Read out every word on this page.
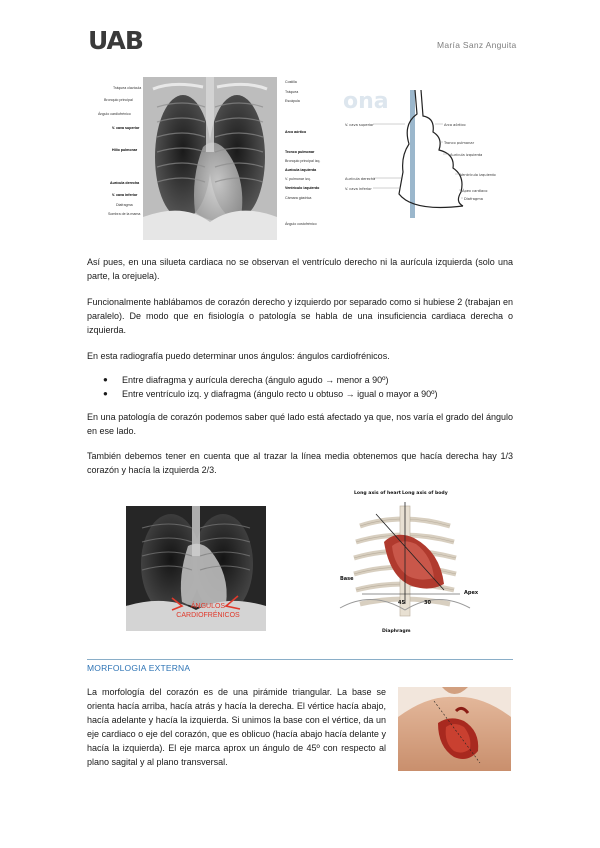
UAB	María Sanz Anguita
Tráquea clavícula
Bronquio principal
Ángulo cardiofrénico
V. cava superior
Hilio pulmonar
Aurícula derecha
V. cava inferior
Diafragma
Sombra de la mama
Costilla
Tráquea
Escápula
Arco aórtico
Tronco pulmonar
Bronquio principal izq.
Aurícula izquierda
V. pulmonar izq.
Ventrículo izquierdo
Cámara gástrica
Ángulo costofrénico
ona
V. cava superior	Arco aórtico
Tronco pulmonar
Aurícula izquierda
Aurícula derecha
Ventrículo izquierdo
V. cava inferior	Ápex cardíaco
Diafragma

Así pues, en una silueta cardiaca no se observan el ventrículo derecho ni la aurícula izquierda (solo una parte, la orejuela).

Funcionalmente hablábamos de corazón derecho y izquierdo por separado como si hubiese 2 (trabajan en paralelo). De modo que en fisiología o patología se habla de una insuficiencia cardiaca derecha o izquierda.

En esta radiografía puedo determinar unos ángulos: ángulos cardiofrénicos.

● Entre diafragma y aurícula derecha (ángulo agudo → menor a 90º)
● Entre ventrículo izq. y diafragma (ángulo recto u obtuso → igual o mayor a 90º)

En una patología de corazón podemos saber qué lado está afectado ya que, nos varía el grado del ángulo en ese lado.

También debemos tener en cuenta que al trazar la línea media obtenemos que hacía derecha hay 1/3 corazón y hacía la izquierda 2/3.

ÁNGULOS
CARDIOFRÉNICOS
Long axis of heart Long axis of body
Base
Apex
Diaphragm
45	30
MORFOLOGIA EXTERNA

La morfología del corazón es de una pirámide triangular. La base se orienta hacía arriba, hacía atrás y hacía la derecha. El vértice hacía abajo, hacía adelante y hacía la izquierda. Si unimos la base con el vértice, da un eje cardiaco o eje del corazón, que es oblicuo (hacía abajo hacía delante y hacía la izquierda). El eje marca aprox un ángulo de 45º con respecto al plano sagital y al plano transversal.
